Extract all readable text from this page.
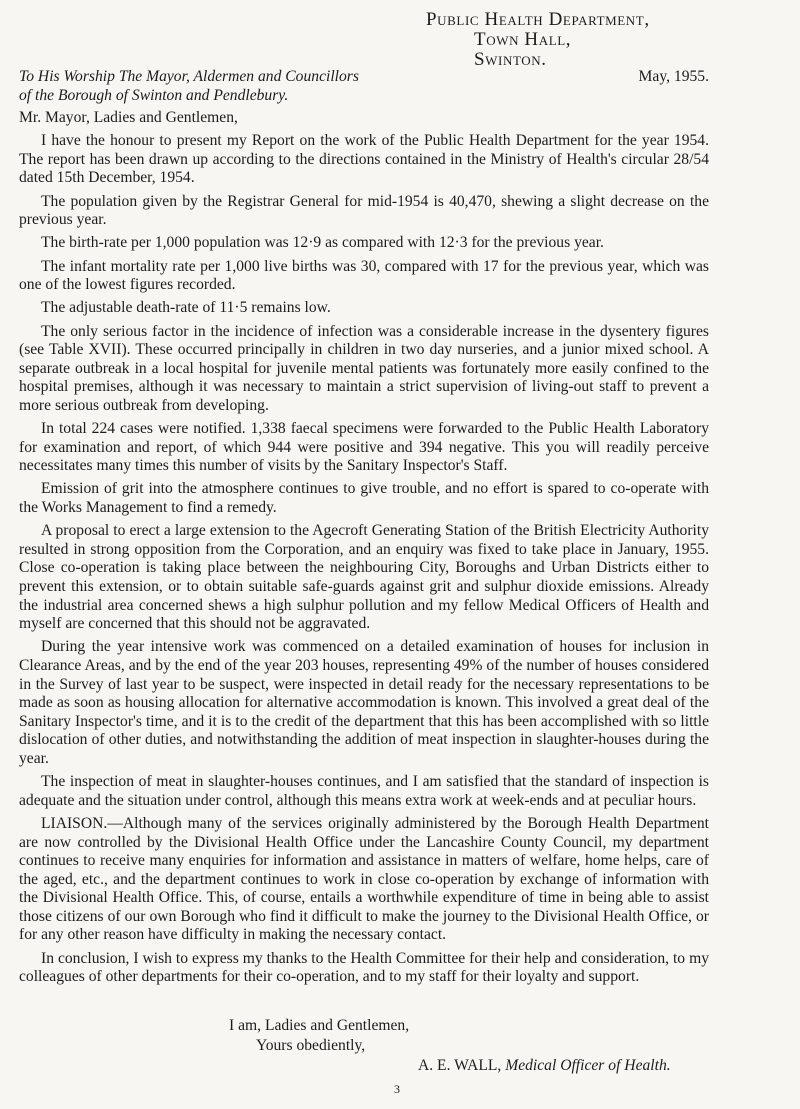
Public Health Department,
Town Hall,
Swinton.
To His Worship The Mayor, Aldermen and Councillors	May, 1955.
of the Borough of Swinton and Pendlebury.

Mr. Mayor, Ladies and Gentlemen,

I have the honour to present my Report on the work of the Public Health Department for the year 1954. The report has been drawn up according to the directions contained in the Ministry of Health's circular 28/54 dated 15th December, 1954.

The population given by the Registrar General for mid-1954 is 40,470, shewing a slight decrease on the previous year.

The birth-rate per 1,000 population was 12·9 as compared with 12·3 for the previous year.

The infant mortality rate per 1,000 live births was 30, compared with 17 for the previous year, which was one of the lowest figures recorded.

The adjustable death-rate of 11·5 remains low.

The only serious factor in the incidence of infection was a considerable increase in the dysentery figures (see Table XVII). These occurred principally in children in two day nurseries, and a junior mixed school. A separate outbreak in a local hospital for juvenile mental patients was fortunately more easily confined to the hospital premises, although it was necessary to maintain a strict supervision of living-out staff to prevent a more serious outbreak from developing.

In total 224 cases were notified. 1,338 faecal specimens were forwarded to the Public Health Laboratory for examination and report, of which 944 were positive and 394 negative. This you will readily perceive necessitates many times this number of visits by the Sanitary Inspector's Staff.

Emission of grit into the atmosphere continues to give trouble, and no effort is spared to co-operate with the Works Management to find a remedy.

A proposal to erect a large extension to the Agecroft Generating Station of the British Electricity Authority resulted in strong opposition from the Corporation, and an enquiry was fixed to take place in January, 1955. Close co-operation is taking place between the neighbouring City, Boroughs and Urban Districts either to prevent this extension, or to obtain suitable safe-guards against grit and sulphur dioxide emissions. Already the industrial area concerned shews a high sulphur pollution and my fellow Medical Officers of Health and myself are concerned that this should not be aggravated.

During the year intensive work was commenced on a detailed examination of houses for inclusion in Clearance Areas, and by the end of the year 203 houses, representing 49% of the number of houses considered in the Survey of last year to be suspect, were inspected in detail ready for the necessary representations to be made as soon as housing allocation for alternative accommodation is known. This involved a great deal of the Sanitary Inspector's time, and it is to the credit of the department that this has been accomplished with so little dislocation of other duties, and notwithstanding the addition of meat inspection in slaughter-houses during the year.

The inspection of meat in slaughter-houses continues, and I am satisfied that the standard of inspection is adequate and the situation under control, although this means extra work at week-ends and at peculiar hours.

LIAISON.—Although many of the services originally administered by the Borough Health Department are now controlled by the Divisional Health Office under the Lancashire County Council, my department continues to receive many enquiries for information and assistance in matters of welfare, home helps, care of the aged, etc., and the department continues to work in close co-operation by exchange of information with the Divisional Health Office. This, of course, entails a worthwhile expenditure of time in being able to assist those citizens of our own Borough who find it difficult to make the journey to the Divisional Health Office, or for any other reason have difficulty in making the necessary contact.

In conclusion, I wish to express my thanks to the Health Committee for their help and consideration, to my colleagues of other departments for their co-operation, and to my staff for their loyalty and support.

I am, Ladies and Gentlemen,
Yours obediently,
A. E. WALL, Medical Officer of Health.
3
